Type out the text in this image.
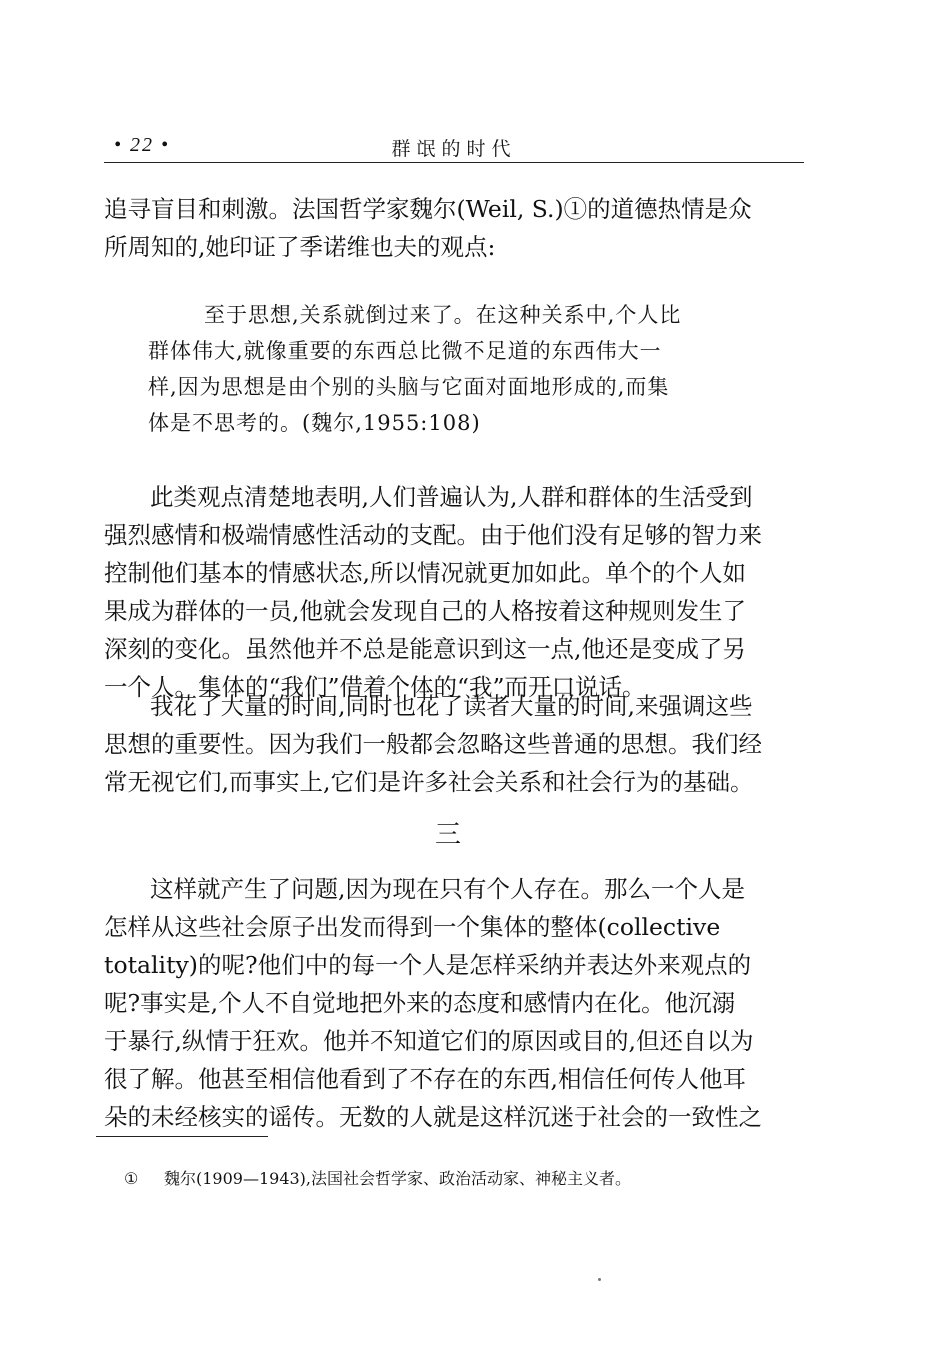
• 22 •	群氓的时代
追寻盲目和刺激。法国哲学家魏尔(Weil, S.)①的道德热情是众
所周知的,她印证了季诺维也夫的观点:
至于思想,关系就倒过来了。在这种关系中,个人比
群体伟大,就像重要的东西总比微不足道的东西伟大一
样,因为思想是由个别的头脑与它面对面地形成的,而集
体是不思考的。(魏尔,1955:108)
此类观点清楚地表明,人们普遍认为,人群和群体的生活受到
强烈感情和极端情感性活动的支配。由于他们没有足够的智力来
控制他们基本的情感状态,所以情况就更加如此。单个的个人如
果成为群体的一员,他就会发现自己的人格按着这种规则发生了
深刻的变化。虽然他并不总是能意识到这一点,他还是变成了另
一个人。集体的“我们”借着个体的“我”而开口说话。
我花了大量的时间,同时也花了读者大量的时间,来强调这些
思想的重要性。因为我们一般都会忽略这些普通的思想。我们经
常无视它们,而事实上,它们是许多社会关系和社会行为的基础。
三
这样就产生了问题,因为现在只有个人存在。那么一个人是
怎样从这些社会原子出发而得到一个集体的整体(collective
totality)的呢?他们中的每一个人是怎样采纳并表达外来观点的
呢?事实是,个人不自觉地把外来的态度和感情内在化。他沉溺
于暴行,纵情于狂欢。他并不知道它们的原因或目的,但还自以为
很了解。他甚至相信他看到了不存在的东西,相信任何传人他耳
朵的未经核实的谣传。无数的人就是这样沉迷于社会的一致性之
① 魏尔(1909—1943),法国社会哲学家、政治活动家、神秘主义者。
